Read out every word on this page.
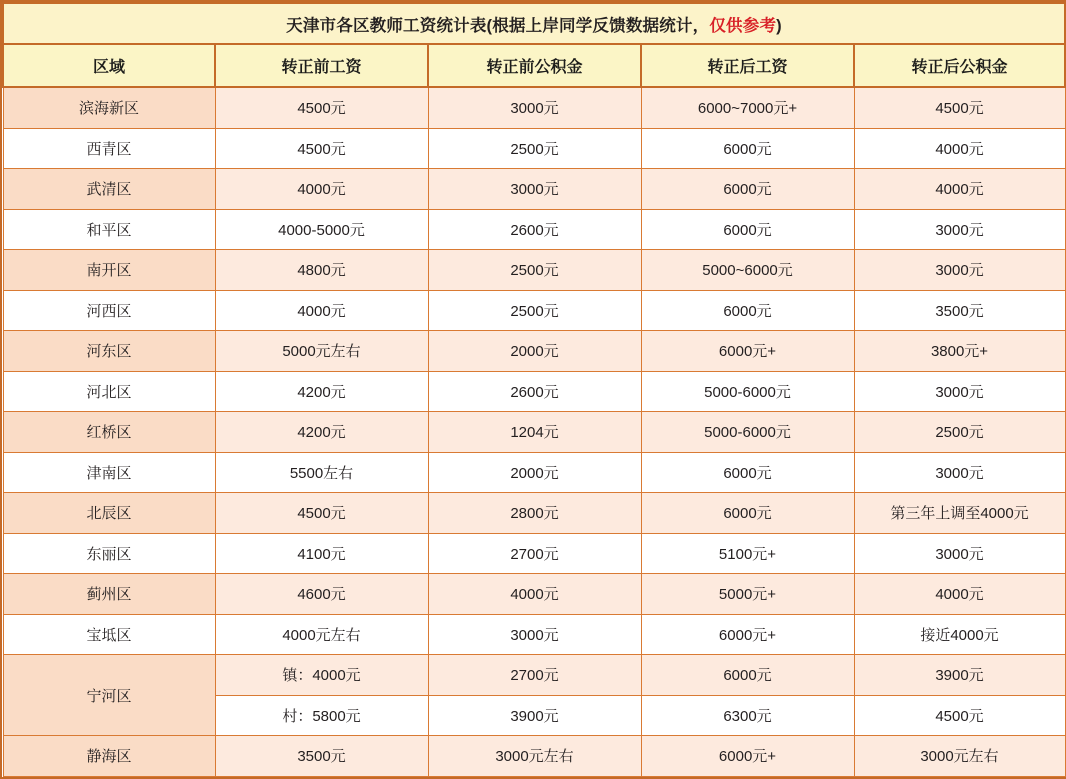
天津市各区教师工资统计表(根据上岸同学反馈数据统计，仅供参考)				
区域	转正前工资	转正前公积金	转正后工资	转正后公积金
滨海新区	4500元	3000元	6000~7000元+	4500元
西青区	4500元	2500元	6000元	4000元
武清区	4000元	3000元	6000元	4000元
和平区	4000-5000元	2600元	6000元	3000元
南开区	4800元	2500元	5000~6000元	3000元
河西区	4000元	2500元	6000元	3500元
河东区	5000元左右	2000元	6000元+	3800元+
河北区	4200元	2600元	5000-6000元	3000元
红桥区	4200元	1204元	5000-6000元	2500元
津南区	5500左右	2000元	6000元	3000元
北辰区	4500元	2800元	6000元	第三年上调至4000元
东丽区	4100元	2700元	5100元+	3000元
蓟州区	4600元	4000元	5000元+	4000元
宝坻区	4000元左右	3000元	6000元+	接近4000元
宁河区	镇：4000元	2700元	6000元	3900元
	村：5800元	3900元	6300元	4500元
静海区	3500元	3000元左右	6000元+	3000元左右
